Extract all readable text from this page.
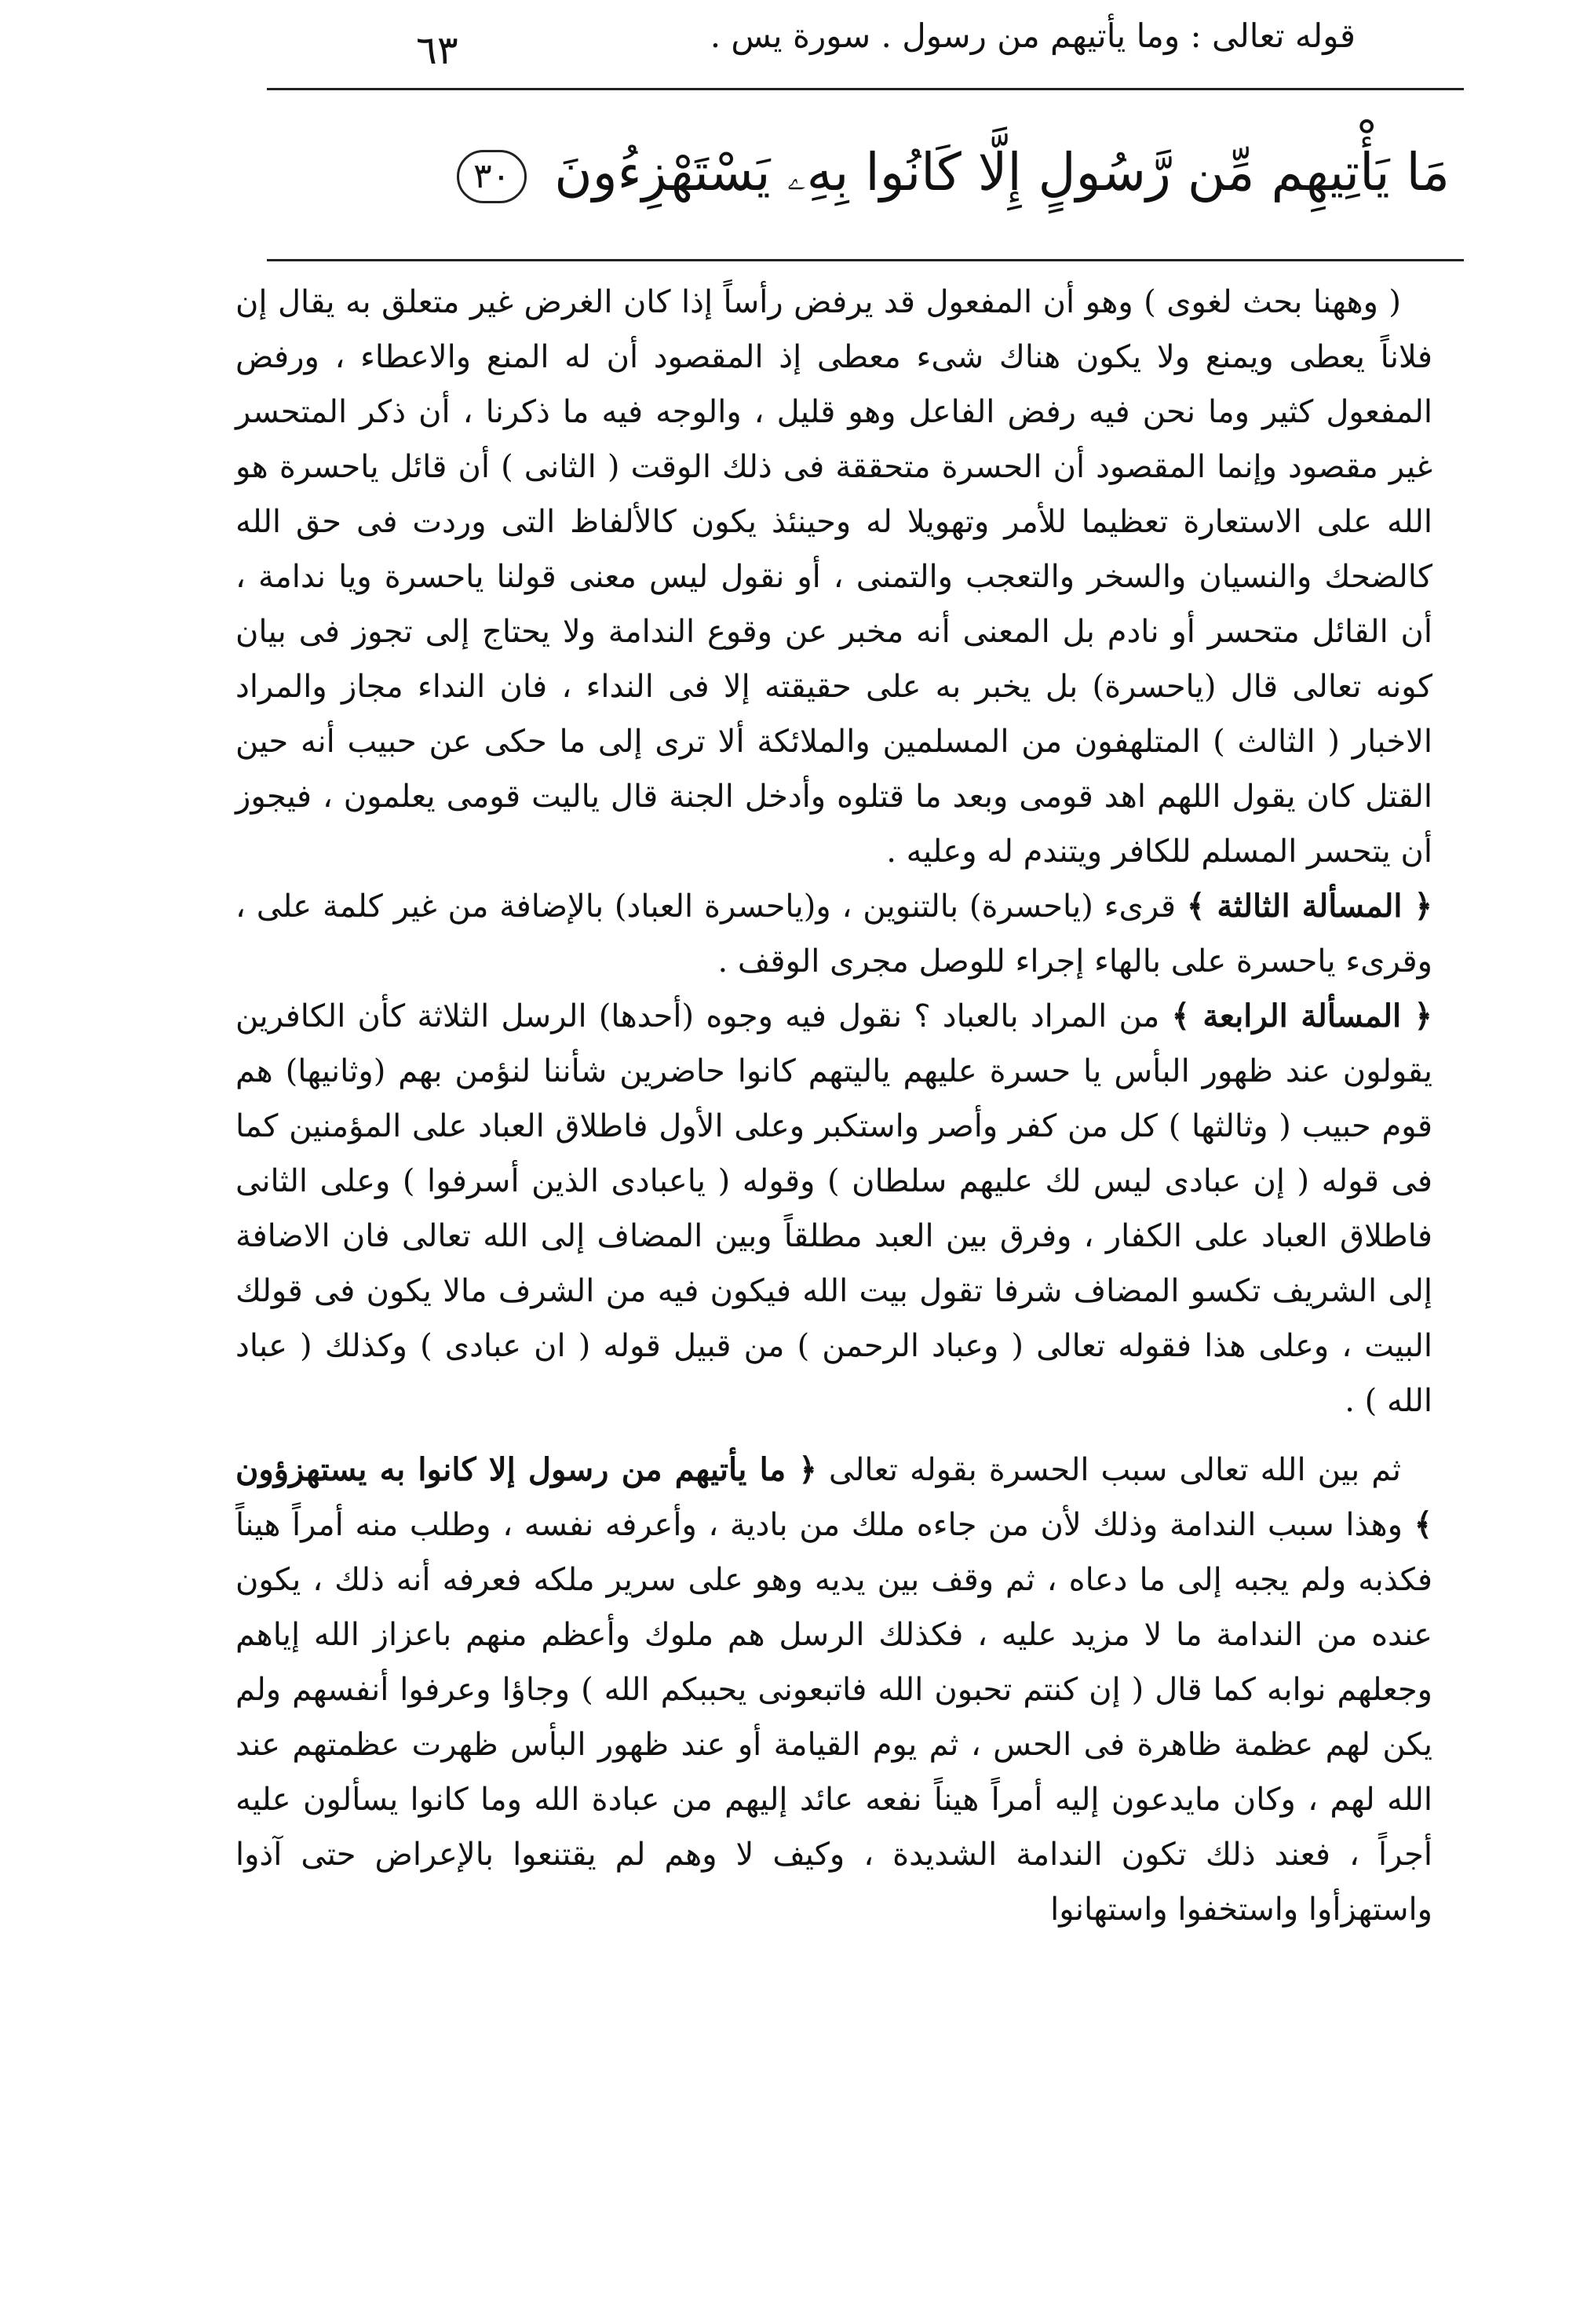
قوله تعالى : وما يأتيهم من رسول . سورة يس .
٦٣
مَا يَأْتِيهِم مِّن رَّسُولٍ إِلَّا كَانُوا بِهِۦ يَسْتَهْزِءُونَ ٣٠

( وههنا بحث لغوى ) وهو أن المفعول قد يرفض رأساً إذا كان الغرض غير متعلق به يقال إن فلاناً يعطى ويمنع ولا يكون هناك شىء معطى إذ المقصود أن له المنع والاعطاء ، ورفض المفعول كثير وما نحن فيه رفض الفاعل وهو قليل ، والوجه فيه ما ذكرنا ، أن ذكر المتحسر غير مقصود وإنما المقصود أن الحسرة متحققة فى ذلك الوقت ( الثانى ) أن قائل ياحسرة هو الله على الاستعارة تعظيما للأمر وتهويلا له وحينئذ يكون كالألفاظ التى وردت فى حق الله كالضحك والنسيان والسخر والتعجب والتمنى ، أو نقول ليس معنى قولنا ياحسرة ويا ندامة ، أن القائل متحسر أو نادم بل المعنى أنه مخبر عن وقوع الندامة ولا يحتاج إلى تجوز فى بيان كونه تعالى قال (ياحسرة) بل يخبر به على حقيقته إلا فى النداء ، فان النداء مجاز والمراد الاخبار ( الثالث ) المتلهفون من المسلمين والملائكة ألا ترى إلى ما حكى عن حبيب أنه حين القتل كان يقول اللهم اهد قومى وبعد ما قتلوه وأدخل الجنة قال ياليت قومى يعلمون ، فيجوز أن يتحسر المسلم للكافر ويتندم له وعليه .

﴿ المسألة الثالثة ﴾ قرىء (ياحسرة) بالتنوين ، و(ياحسرة العباد) بالإضافة من غير كلمة على ، وقرىء ياحسرة على بالهاء إجراء للوصل مجرى الوقف .

﴿ المسألة الرابعة ﴾ من المراد بالعباد ؟ نقول فيه وجوه (أحدها) الرسل الثلاثة كأن الكافرين يقولون عند ظهور البأس يا حسرة عليهم ياليتهم كانوا حاضرين شأننا لنؤمن بهم (وثانيها) هم قوم حبيب ( وثالثها ) كل من كفر وأصر واستكبر وعلى الأول فاطلاق العباد على المؤمنين كما فى قوله ( إن عبادى ليس لك عليهم سلطان ) وقوله ( ياعبادى الذين أسرفوا ) وعلى الثانى فاطلاق العباد على الكفار ، وفرق بين العبد مطلقاً وبين المضاف إلى الله تعالى فان الاضافة إلى الشريف تكسو المضاف شرفا تقول بيت الله فيكون فيه من الشرف مالا يكون فى قولك البيت ، وعلى هذا فقوله تعالى ( وعباد الرحمن ) من قبيل قوله ( ان عبادى ) وكذلك ( عباد الله ) .

ثم بين الله تعالى سبب الحسرة بقوله تعالى ﴿ ما يأتيهم من رسول إلا كانوا به يستهزؤون ﴾ وهذا سبب الندامة وذلك لأن من جاءه ملك من بادية ، وأعرفه نفسه ، وطلب منه أمراً هيناً فكذبه ولم يجبه إلى ما دعاه ، ثم وقف بين يديه وهو على سرير ملكه فعرفه أنه ذلك ، يكون عنده من الندامة ما لا مزيد عليه ، فكذلك الرسل هم ملوك وأعظم منهم باعزاز الله إياهم وجعلهم نوابه كما قال ( إن كنتم تحبون الله فاتبعونى يحببكم الله ) وجاؤا وعرفوا أنفسهم ولم يكن لهم عظمة ظاهرة فى الحس ، ثم يوم القيامة أو عند ظهور البأس ظهرت عظمتهم عند الله لهم ، وكان مايدعون إليه أمراً هيناً نفعه عائد إليهم من عبادة الله وما كانوا يسألون عليه أجراً ، فعند ذلك تكون الندامة الشديدة ، وكيف لا وهم لم يقتنعوا بالإعراض حتى آذوا واستهزأوا واستخفوا واستهانوا
